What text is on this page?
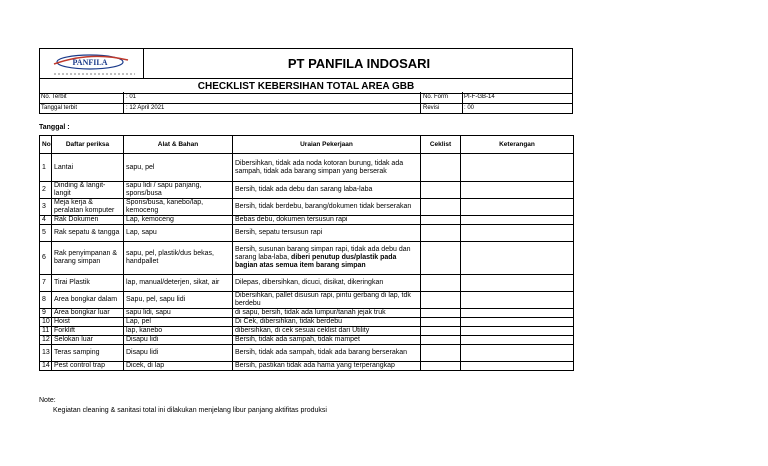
PANFILA	PT PANFILA INDOSARI
CHECKLIST KEBERSIHAN TOTAL AREA GBB
No. Terbit	: 01
Tanggal terbit	: 12 April 2021
No. Form	PI-F-GB-14
Revisi	: 00
Tanggal :
No	Daftar periksa	Alat & Bahan	Uraian Pekerjaan	Ceklist	Keterangan
1	Lantai	sapu, pel	Dibersihkan, tidak ada noda kotoran burung, tidak ada sampah, tidak ada barang simpan yang berserak		
2	Dinding & langit-langit	sapu lidi / sapu panjang, spons/busa	Bersih, tidak ada debu dan sarang laba-laba		
3	Meja kerja & peralatan komputer	Spons/busa, kanebo/lap, kemoceng	Bersih, tidak berdebu, barang/dokumen tidak berserakan		
4	Rak Dokumen	Lap, kemoceng	Bebas debu, dokumen tersusun rapi		
5	Rak sepatu & tangga	Lap, sapu	Bersih, sepatu tersusun rapi		
6	Rak penyimpanan & barang simpan	sapu, pel, plastik/dus bekas, handpallet	Bersih, susunan barang simpan rapi, tidak ada debu dan sarang laba-laba, diberi penutup dus/plastik pada bagian atas semua item barang simpan		
7	Tirai Plastik	lap, manual/deterjen, sikat, air	Dilepas, dibersihkan, dicuci, disikat, dikeringkan		
8	Area bongkar dalam	Sapu, pel, sapu lidi	Dibersihkan, pallet disusun rapi, pintu gerbang di lap, tdk berdebu		
9	Area bongkar luar	sapu lidi, sapu	di sapu, bersih, tidak ada lumpur/tanah jejak truk		
10	Hoist	Lap, pel	Di Cek, dibersihkan, tidak berdebu		
11	Forklift	lap, kanebo	dibersihkan, di cek sesuai ceklist dari Utility		
12	Selokan luar	Disapu lidi	Bersih, tidak ada sampah, tidak mampet		
13	Teras samping	Disapu lidi	Bersih, tidak ada sampah, tidak ada barang berserakan		
14	Pest control trap	Dicek, di lap	Bersih, pastikan tidak ada hama yang terperangkap		
Note:
Kegiatan cleaning & sanitasi total ini dilakukan menjelang libur panjang aktifitas produksi
